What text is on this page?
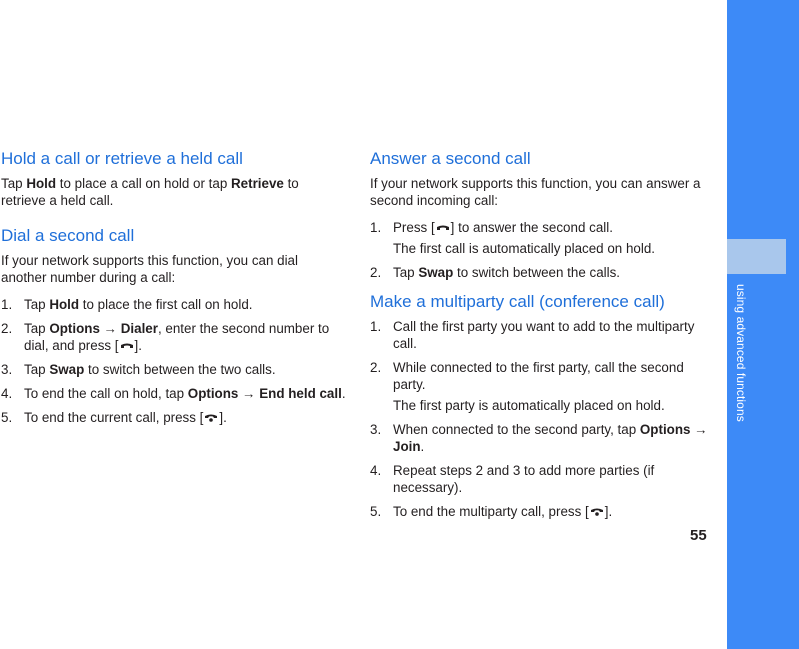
Hold a call or retrieve a held call

Tap Hold to place a call on hold or tap Retrieve to retrieve a held call.

Dial a second call

If your network supports this function, you can dial another number during a call:

1. Tap Hold to place the first call on hold.
2. Tap Options → Dialer, enter the second number to dial, and press [ ].
3. Tap Swap to switch between the two calls.
4. To end the call on hold, tap Options → End held call.
5. To end the current call, press [ ].
Answer a second call

If your network supports this function, you can answer a second incoming call:

1. Press [ ] to answer the second call.
The first call is automatically placed on hold.
2. Tap Swap to switch between the calls.
Make a multiparty call (conference call)
1. Call the first party you want to add to the multiparty call.
2. While connected to the first party, call the second party.
The first party is automatically placed on hold.
3. When connected to the second party, tap Options → Join.
4. Repeat steps 2 and 3 to add more parties (if necessary).
5. To end the multiparty call, press [ ].
using advanced functions
55
